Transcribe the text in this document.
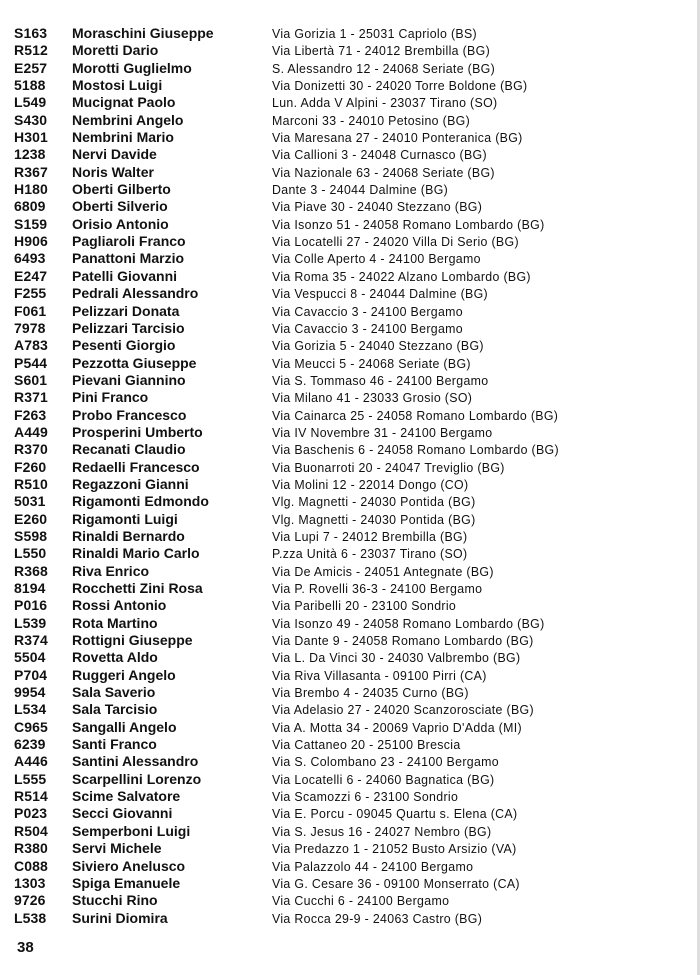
S163	Moraschini Giuseppe	Via Gorizia 1 - 25031 Capriolo (BS)
R512	Moretti Dario	Via Libertà 71 - 24012 Brembilla (BG)
E257	Morotti Guglielmo	S. Alessandro 12 - 24068 Seriate (BG)
5188	Mostosi Luigi	Via Donizetti 30 - 24020 Torre Boldone (BG)
L549	Mucignat Paolo	Lun. Adda V Alpini - 23037 Tirano (SO)
S430	Nembrini Angelo	Marconi 33 - 24010 Petosino (BG)
H301	Nembrini Mario	Via Maresana 27 - 24010 Ponteranica (BG)
1238	Nervi Davide	Via Callioni 3 - 24048 Curnasco (BG)
R367	Noris Walter	Via Nazionale 63 - 24068 Seriate (BG)
H180	Oberti Gilberto	Dante 3 - 24044 Dalmine (BG)
6809	Oberti Silverio	Via Piave 30 - 24040 Stezzano (BG)
S159	Orisio Antonio	Via Isonzo 51 - 24058 Romano Lombardo (BG)
H906	Pagliaroli Franco	Via Locatelli 27 - 24020 Villa Di Serio (BG)
6493	Panattoni Marzio	Via Colle Aperto 4 - 24100 Bergamo
E247	Patelli Giovanni	Via Roma 35 - 24022 Alzano Lombardo (BG)
F255	Pedrali Alessandro	Via Vespucci 8 - 24044 Dalmine (BG)
F061	Pelizzari Donata	Via Cavaccio 3 - 24100 Bergamo
7978	Pelizzari Tarcisio	Via Cavaccio 3 - 24100 Bergamo
A783	Pesenti Giorgio	Via Gorizia 5 - 24040 Stezzano (BG)
P544	Pezzotta Giuseppe	Via Meucci 5 - 24068 Seriate (BG)
S601	Pievani Giannino	Via S. Tommaso 46 - 24100 Bergamo
R371	Pini Franco	Via Milano 41 - 23033 Grosio (SO)
F263	Probo Francesco	Via Cainarca 25 - 24058 Romano Lombardo (BG)
A449	Prosperini Umberto	Via IV Novembre 31 - 24100 Bergamo
R370	Recanati Claudio	Via Baschenis 6 - 24058 Romano Lombardo (BG)
F260	Redaelli Francesco	Via Buonarroti 20 - 24047 Treviglio (BG)
R510	Regazzoni Gianni	Via Molini 12 - 22014 Dongo (CO)
5031	Rigamonti Edmondo	Vlg. Magnetti - 24030 Pontida (BG)
E260	Rigamonti Luigi	Vlg. Magnetti - 24030 Pontida (BG)
S598	Rinaldi Bernardo	Via Lupi 7 - 24012 Brembilla (BG)
L550	Rinaldi Mario Carlo	P.zza Unità 6 - 23037 Tirano (SO)
R368	Riva Enrico	Via De Amicis - 24051 Antegnate (BG)
8194	Rocchetti Zini Rosa	Via P. Rovelli 36-3 - 24100 Bergamo
P016	Rossi Antonio	Via Paribelli 20 - 23100 Sondrio
L539	Rota Martino	Via Isonzo 49 - 24058 Romano Lombardo (BG)
R374	Rottigni Giuseppe	Via Dante 9 - 24058 Romano Lombardo (BG)
5504	Rovetta Aldo	Via L. Da Vinci 30 - 24030 Valbrembo (BG)
P704	Ruggeri Angelo	Via Riva Villasanta - 09100 Pirri (CA)
9954	Sala Saverio	Via Brembo 4 - 24035 Curno (BG)
L534	Sala Tarcisio	Via Adelasio 27 - 24020 Scanzorosciate (BG)
C965	Sangalli Angelo	Via A. Motta 34 - 20069 Vaprio D'Adda (MI)
6239	Santi Franco	Via Cattaneo 20 - 25100 Brescia
A446	Santini Alessandro	Via S. Colombano 23 - 24100 Bergamo
L555	Scarpellini Lorenzo	Via Locatelli 6 - 24060 Bagnatica (BG)
R514	Scime Salvatore	Via Scamozzi 6 - 23100 Sondrio
P023	Secci Giovanni	Via E. Porcu - 09045 Quartu s. Elena (CA)
R504	Semperboni Luigi	Via S. Jesus 16 - 24027 Nembro (BG)
R380	Servi Michele	Via Predazzo 1 - 21052 Busto Arsizio (VA)
C088	Siviero Anelusco	Via Palazzolo 44 - 24100 Bergamo
1303	Spiga Emanuele	Via G. Cesare 36 - 09100 Monserrato (CA)
9726	Stucchi Rino	Via Cucchi 6 - 24100 Bergamo
L538	Surini Diomira	Via Rocca 29-9 - 24063 Castro (BG)
38
